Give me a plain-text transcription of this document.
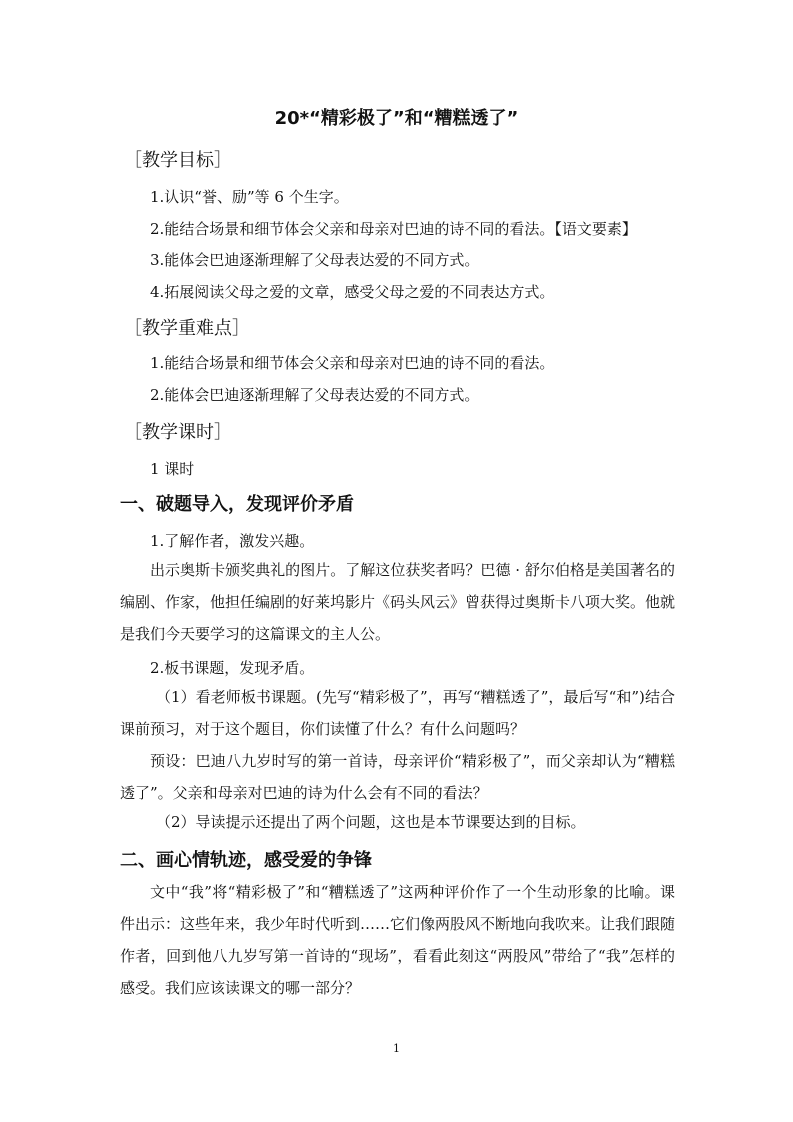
20*“精彩极了”和“糟糕透了”
［教学目标］
1.认识“誉、励”等 6 个生字。
2.能结合场景和细节体会父亲和母亲对巴迪的诗不同的看法。【语文要素】
3.能体会巴迪逐渐理解了父母表达爱的不同方式。
4.拓展阅读父母之爱的文章，感受父母之爱的不同表达方式。
［教学重难点］
1.能结合场景和细节体会父亲和母亲对巴迪的诗不同的看法。
2.能体会巴迪逐渐理解了父母表达爱的不同方式。
［教学课时］
1 课时
一、破题导入，发现评价矛盾
1.了解作者，激发兴趣。
出示奥斯卡颁奖典礼的图片。了解这位获奖者吗？巴德 · 舒尔伯格是美国著名的编剧、作家，他担任编剧的好莱坞影片《码头风云》曾获得过奥斯卡八项大奖。他就是我们今天要学习的这篇课文的主人公。
2.板书课题，发现矛盾。
（1）看老师板书课题。(先写“精彩极了”，再写“糟糕透了”，最后写“和”)结合课前预习，对于这个题目，你们读懂了什么？有什么问题吗？
预设：巴迪八九岁时写的第一首诗，母亲评价“精彩极了”，而父亲却认为“糟糕透了”。父亲和母亲对巴迪的诗为什么会有不同的看法？
（2）导读提示还提出了两个问题，这也是本节课要达到的目标。
二、画心情轨迹，感受爱的争锋
文中“我”将“精彩极了”和“糟糕透了”这两种评价作了一个生动形象的比喻。课件出示：这些年来，我少年时代听到……它们像两股风不断地向我吹来。让我们跟随作者，回到他八九岁写第一首诗的“现场”，看看此刻这“两股风”带给了“我”怎样的感受。我们应该读课文的哪一部分？
1
